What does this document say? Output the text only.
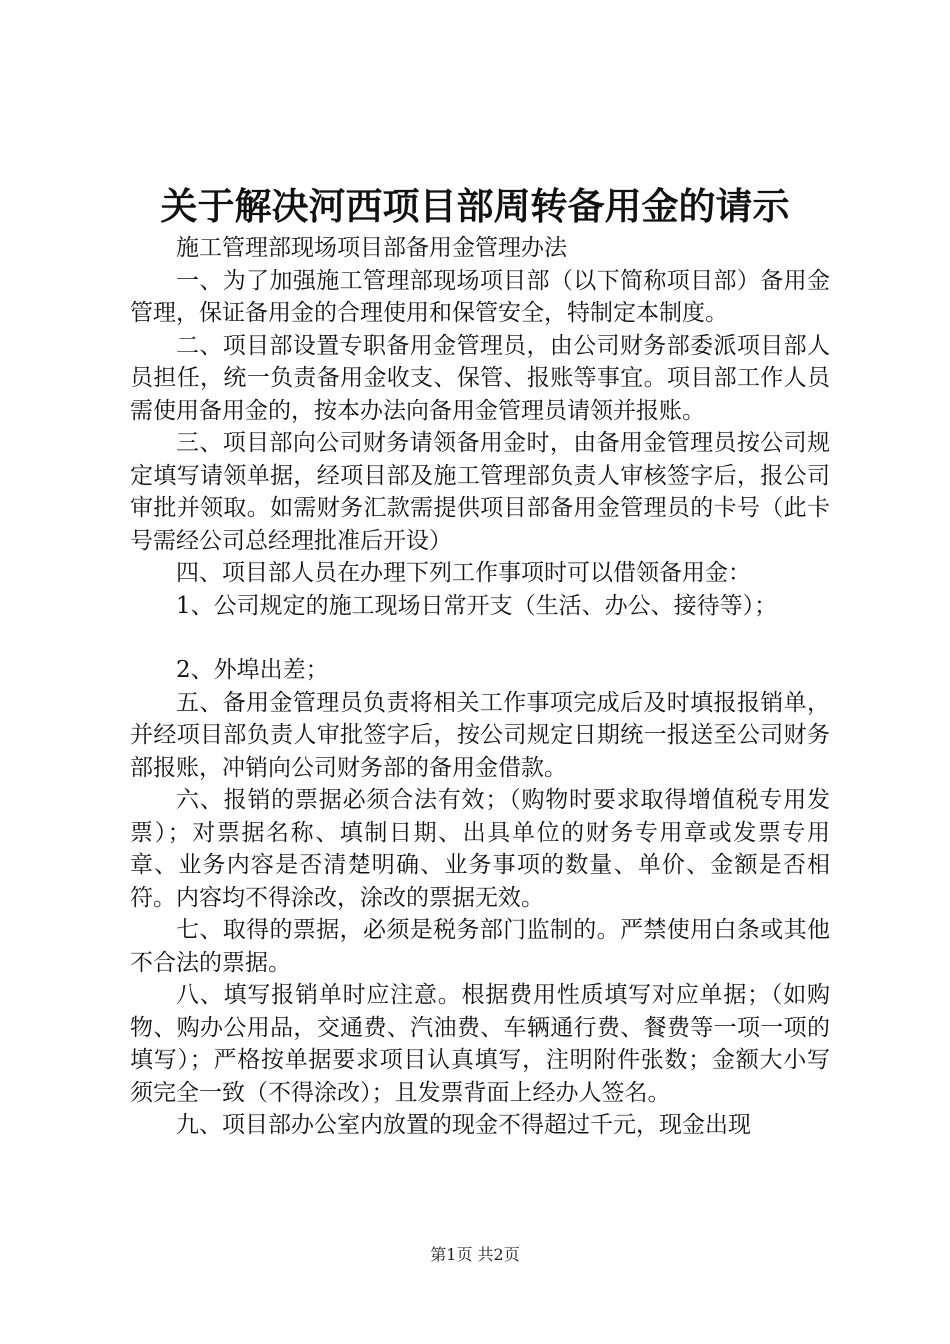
关于解决河西项目部周转备用金的请示

施工管理部现场项目部备用金管理办法

一、为了加强施工管理部现场项目部（以下简称项目部）备用金管理，保证备用金的合理使用和保管安全，特制定本制度。

二、项目部设置专职备用金管理员，由公司财务部委派项目部人员担任，统一负责备用金收支、保管、报账等事宜。项目部工作人员需使用备用金的，按本办法向备用金管理员请领并报账。

三、项目部向公司财务请领备用金时，由备用金管理员按公司规定填写请领单据，经项目部及施工管理部负责人审核签字后，报公司审批并领取。如需财务汇款需提供项目部备用金管理员的卡号（此卡号需经公司总经理批准后开设）

四、项目部人员在办理下列工作事项时可以借领备用金：

1、公司规定的施工现场日常开支（生活、办公、接待等）；

2、外埠出差；

五、备用金管理员负责将相关工作事项完成后及时填报报销单，并经项目部负责人审批签字后，按公司规定日期统一报送至公司财务部报账，冲销向公司财务部的备用金借款。

六、报销的票据必须合法有效；（购物时要求取得增值税专用发票）；对票据名称、填制日期、出具单位的财务专用章或发票专用章、业务内容是否清楚明确、业务事项的数量、单价、金额是否相符。内容均不得涂改，涂改的票据无效。

七、取得的票据，必须是税务部门监制的。严禁使用白条或其他不合法的票据。

八、填写报销单时应注意。根据费用性质填写对应单据；（如购物、购办公用品，交通费、汽油费、车辆通行费、餐费等一项一项的填写）；严格按单据要求项目认真填写，注明附件张数；金额大小写须完全一致（不得涂改）；且发票背面上经办人签名。

九、项目部办公室内放置的现金不得超过千元，现金出现

第1页 共2页
